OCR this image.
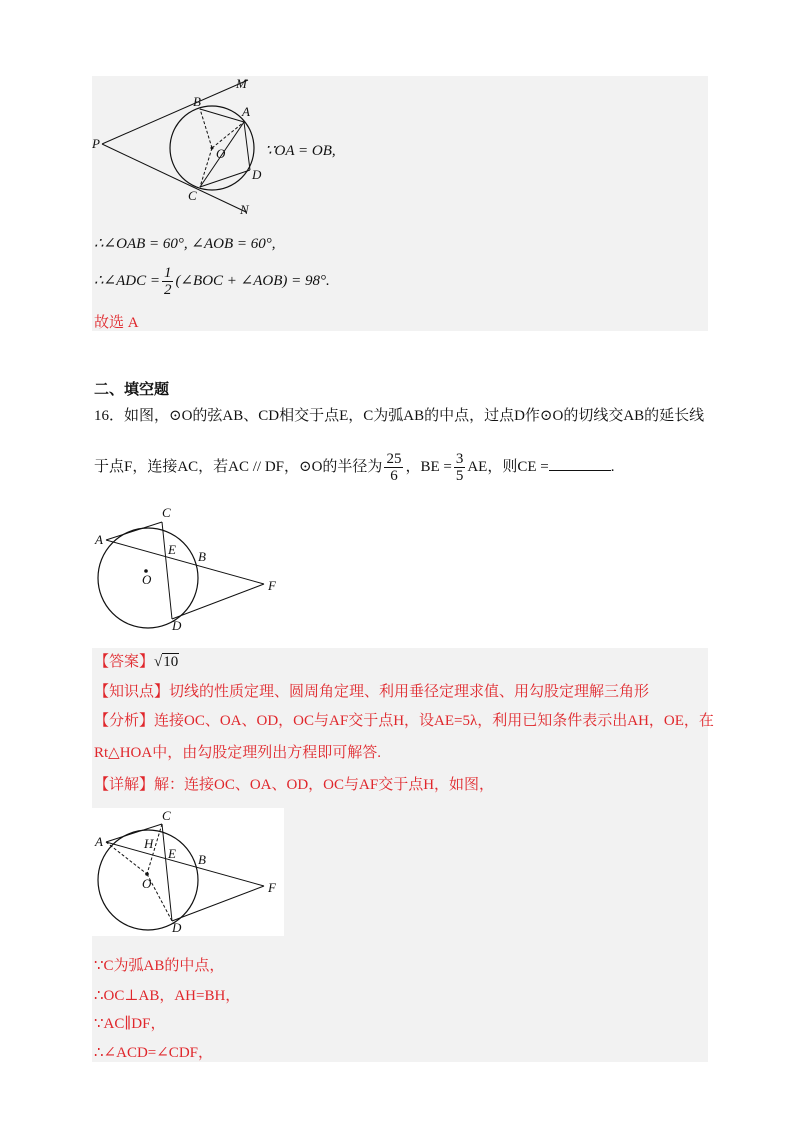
M
B
A
P
O
D
C
N
∵OA = OB,
∴∠OAB = 60°, ∠AOB = 60°,
∴∠ADC = $\frac{1}{2}$ (∠BOC + ∠AOB) = 98°.
故选 A
二、填空题
16．如图，⊙O的弦AB、CD相交于点E，C为弧AB的中点，过点D作⊙O的切线交AB的延长线
于点F，连接AC，若AC // DF，⊙O的半径为 $\frac{25}{6}$ ，BE = $\frac{3}{5}$ AE，则CE =	.
C
A
E B
O	F
D
【答案】√10
【知识点】切线的性质定理、圆周角定理、利用垂径定理求值、用勾股定理解三角形
【分析】连接OC、OA、OD，OC与AF交于点H，设AE=5λ，利用已知条件表示出AH，OE，在
Rt△HOA中，由勾股定理列出方程即可解答.
【详解】解：连接OC、OA、OD，OC与AF交于点H，如图，
C
A	H
E B
O	F
D
∵C为弧AB的中点，
∴OC⊥AB，AH=BH，
∵AC∥DF，
∴∠ACD=∠CDF，
